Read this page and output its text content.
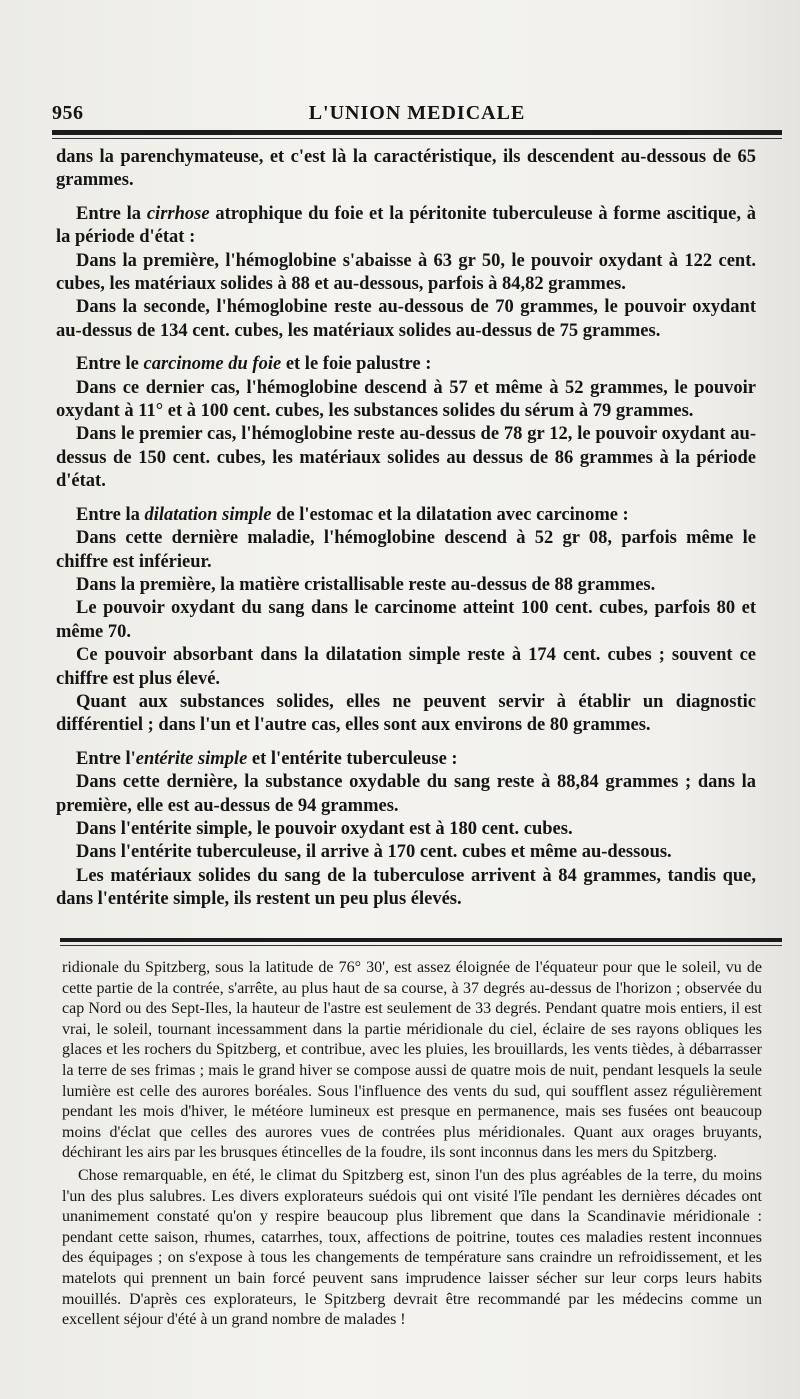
956	L'UNION MEDICALE

dans la parenchymateuse, et c'est là la caractéristique, ils descendent au-dessous de 65 grammes.

Entre la cirrhose atrophique du foie et la péritonite tuberculeuse à forme ascitique, à la période d'état :

Dans la première, l'hémoglobine s'abaisse à 63 gr 50, le pouvoir oxydant à 122 cent. cubes, les matériaux solides à 88 et au-dessous, parfois à 84,82 grammes.

Dans la seconde, l'hémoglobine reste au-dessous de 70 grammes, le pouvoir oxydant au-dessus de 134 cent. cubes, les matériaux solides au-dessus de 75 grammes.

Entre le carcinome du foie et le foie palustre :

Dans ce dernier cas, l'hémoglobine descend à 57 et même à 52 grammes, le pouvoir oxydant à 11° et à 100 cent. cubes, les substances solides du sérum à 79 grammes.

Dans le premier cas, l'hémoglobine reste au-dessus de 78 gr 12, le pouvoir oxydant au-dessus de 150 cent. cubes, les matériaux solides au dessus de 86 grammes à la période d'état.

Entre la dilatation simple de l'estomac et la dilatation avec carcinome :

Dans cette dernière maladie, l'hémoglobine descend à 52 gr 08, parfois même le chiffre est inférieur.

Dans la première, la matière cristallisable reste au-dessus de 88 grammes.

Le pouvoir oxydant du sang dans le carcinome atteint 100 cent. cubes, parfois 80 et même 70.

Ce pouvoir absorbant dans la dilatation simple reste à 174 cent. cubes ; souvent ce chiffre est plus élevé.

Quant aux substances solides, elles ne peuvent servir à établir un diagnostic différentiel ; dans l'un et l'autre cas, elles sont aux environs de 80 grammes.

Entre l'entérite simple et l'entérite tuberculeuse :

Dans cette dernière, la substance oxydable du sang reste à 88,84 grammes ; dans la première, elle est au-dessus de 94 grammes.

Dans l'entérite simple, le pouvoir oxydant est à 180 cent. cubes.

Dans l'entérite tuberculeuse, il arrive à 170 cent. cubes et même au-dessous.

Les matériaux solides du sang de la tuberculose arrivent à 84 grammes, tandis que, dans l'entérite simple, ils restent un peu plus élevés.

ridionale du Spitzberg, sous la latitude de 76° 30', est assez éloignée de l'équateur pour que le soleil, vu de cette partie de la contrée, s'arrête, au plus haut de sa course, à 37 degrés au-dessus de l'horizon ; observée du cap Nord ou des Sept-Iles, la hauteur de l'astre est seulement de 33 degrés. Pendant quatre mois entiers, il est vrai, le soleil, tournant incessamment dans la partie méridionale du ciel, éclaire de ses rayons obliques les glaces et les rochers du Spitzberg, et contribue, avec les pluies, les brouillards, les vents tièdes, à débarrasser la terre de ses frimas ; mais le grand hiver se compose aussi de quatre mois de nuit, pendant lesquels la seule lumière est celle des aurores boréales. Sous l'influence des vents du sud, qui soufflent assez régulièrement pendant les mois d'hiver, le météore lumineux est presque en permanence, mais ses fusées ont beaucoup moins d'éclat que celles des aurores vues de contrées plus méridionales. Quant aux orages bruyants, déchirant les airs par les brusques étincelles de la foudre, ils sont inconnus dans les mers du Spitzberg.

Chose remarquable, en été, le climat du Spitzberg est, sinon l'un des plus agréables de la terre, du moins l'un des plus salubres. Les divers explorateurs suédois qui ont visité l'île pendant les dernières décades ont unanimement constaté qu'on y respire beaucoup plus librement que dans la Scandinavie méridionale : pendant cette saison, rhumes, catarrhes, toux, affections de poitrine, toutes ces maladies restent inconnues des équipages ; on s'expose à tous les changements de température sans craindre un refroidissement, et les matelots qui prennent un bain forcé peuvent sans imprudence laisser sécher sur leur corps leurs habits mouillés. D'après ces explorateurs, le Spitzberg devrait être recommandé par les médecins comme un excellent séjour d'été à un grand nombre de malades !
